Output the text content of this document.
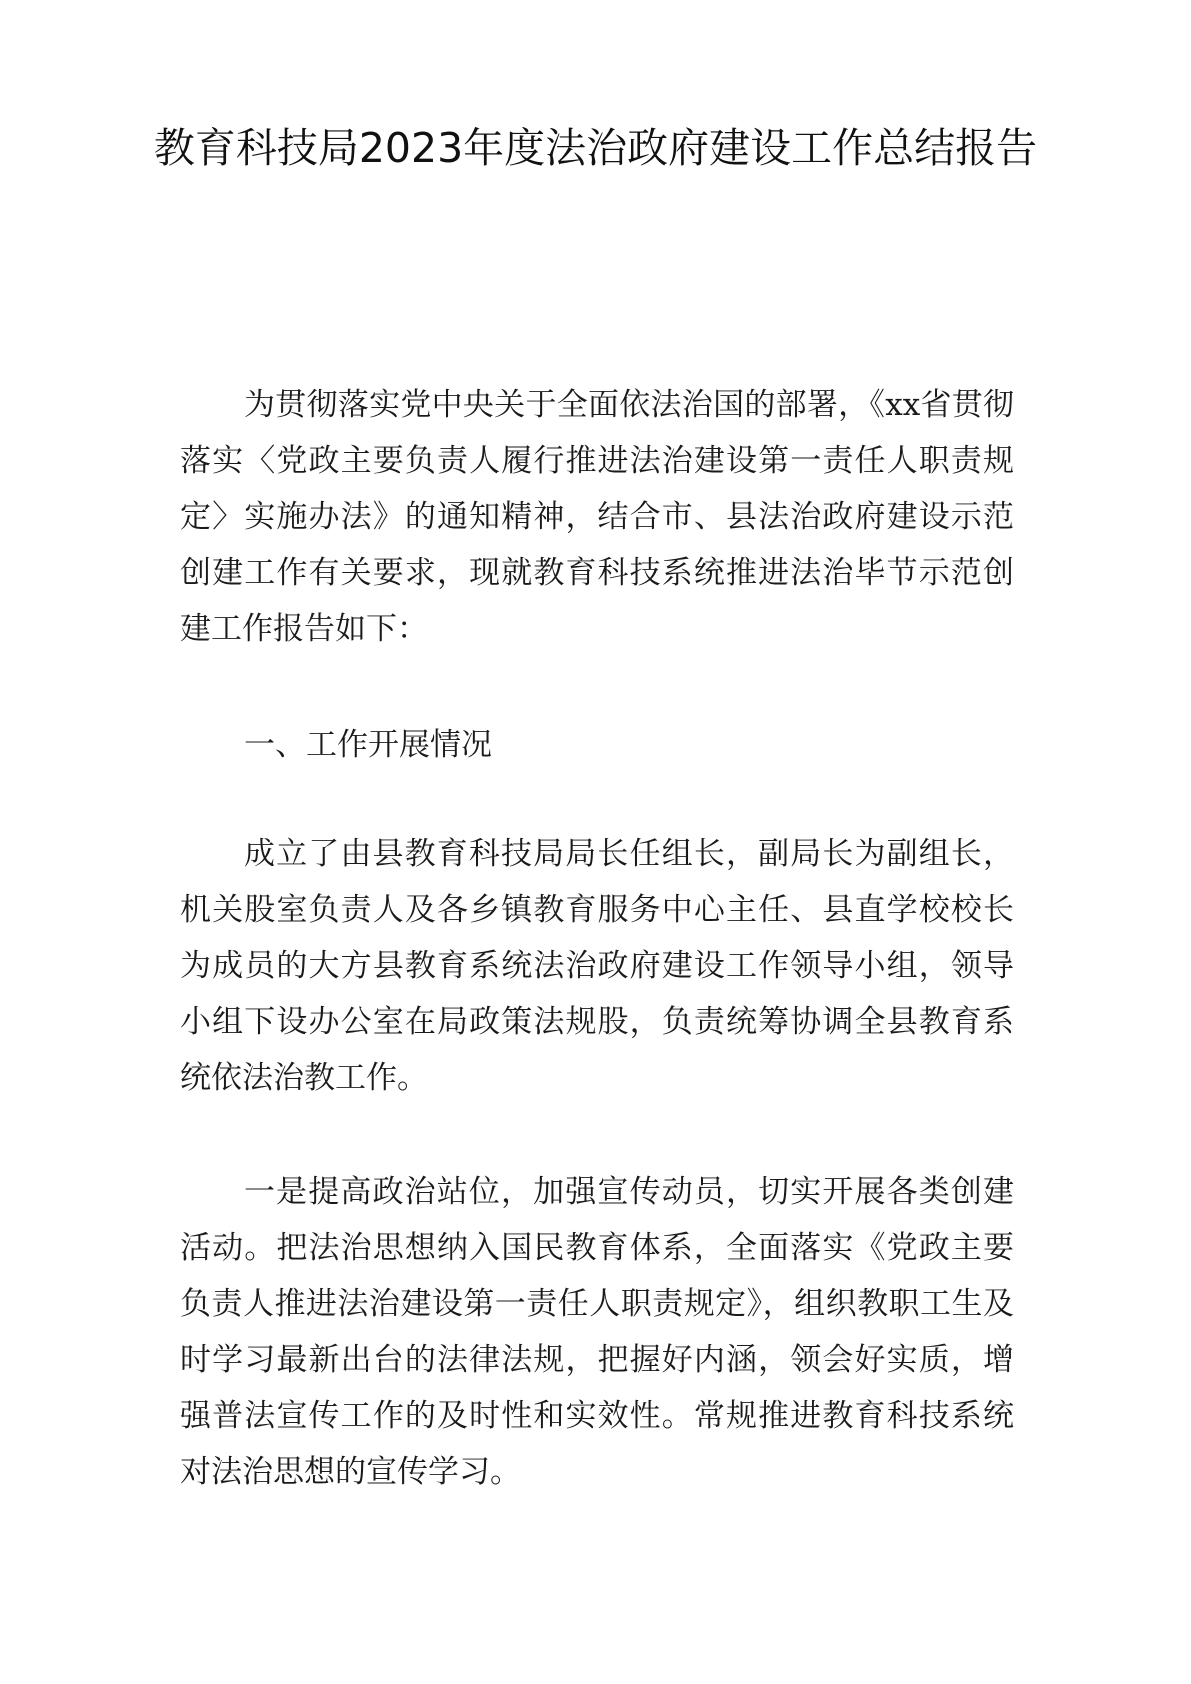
教育科技局2023年度法治政府建设工作总结报告

为贯彻落实党中央关于全面依法治国的部署，《xx省贯彻落实〈党政主要负责人履行推进法治建设第一责任人职责规定〉实施办法》的通知精神，结合市、县法治政府建设示范创建工作有关要求，现就教育科技系统推进法治毕节示范创建工作报告如下：

一、工作开展情况

成立了由县教育科技局局长任组长，副局长为副组长，机关股室负责人及各乡镇教育服务中心主任、县直学校校长为成员的大方县教育系统法治政府建设工作领导小组，领导小组下设办公室在局政策法规股，负责统筹协调全县教育系统依法治教工作。

一是提高政治站位，加强宣传动员，切实开展各类创建活动。把法治思想纳入国民教育体系，全面落实《党政主要负责人推进法治建设第一责任人职责规定》，组织教职工生及时学习最新出台的法律法规，把握好内涵，领会好实质，增强普法宣传工作的及时性和实效性。常规推进教育科技系统对法治思想的宣传学习。
